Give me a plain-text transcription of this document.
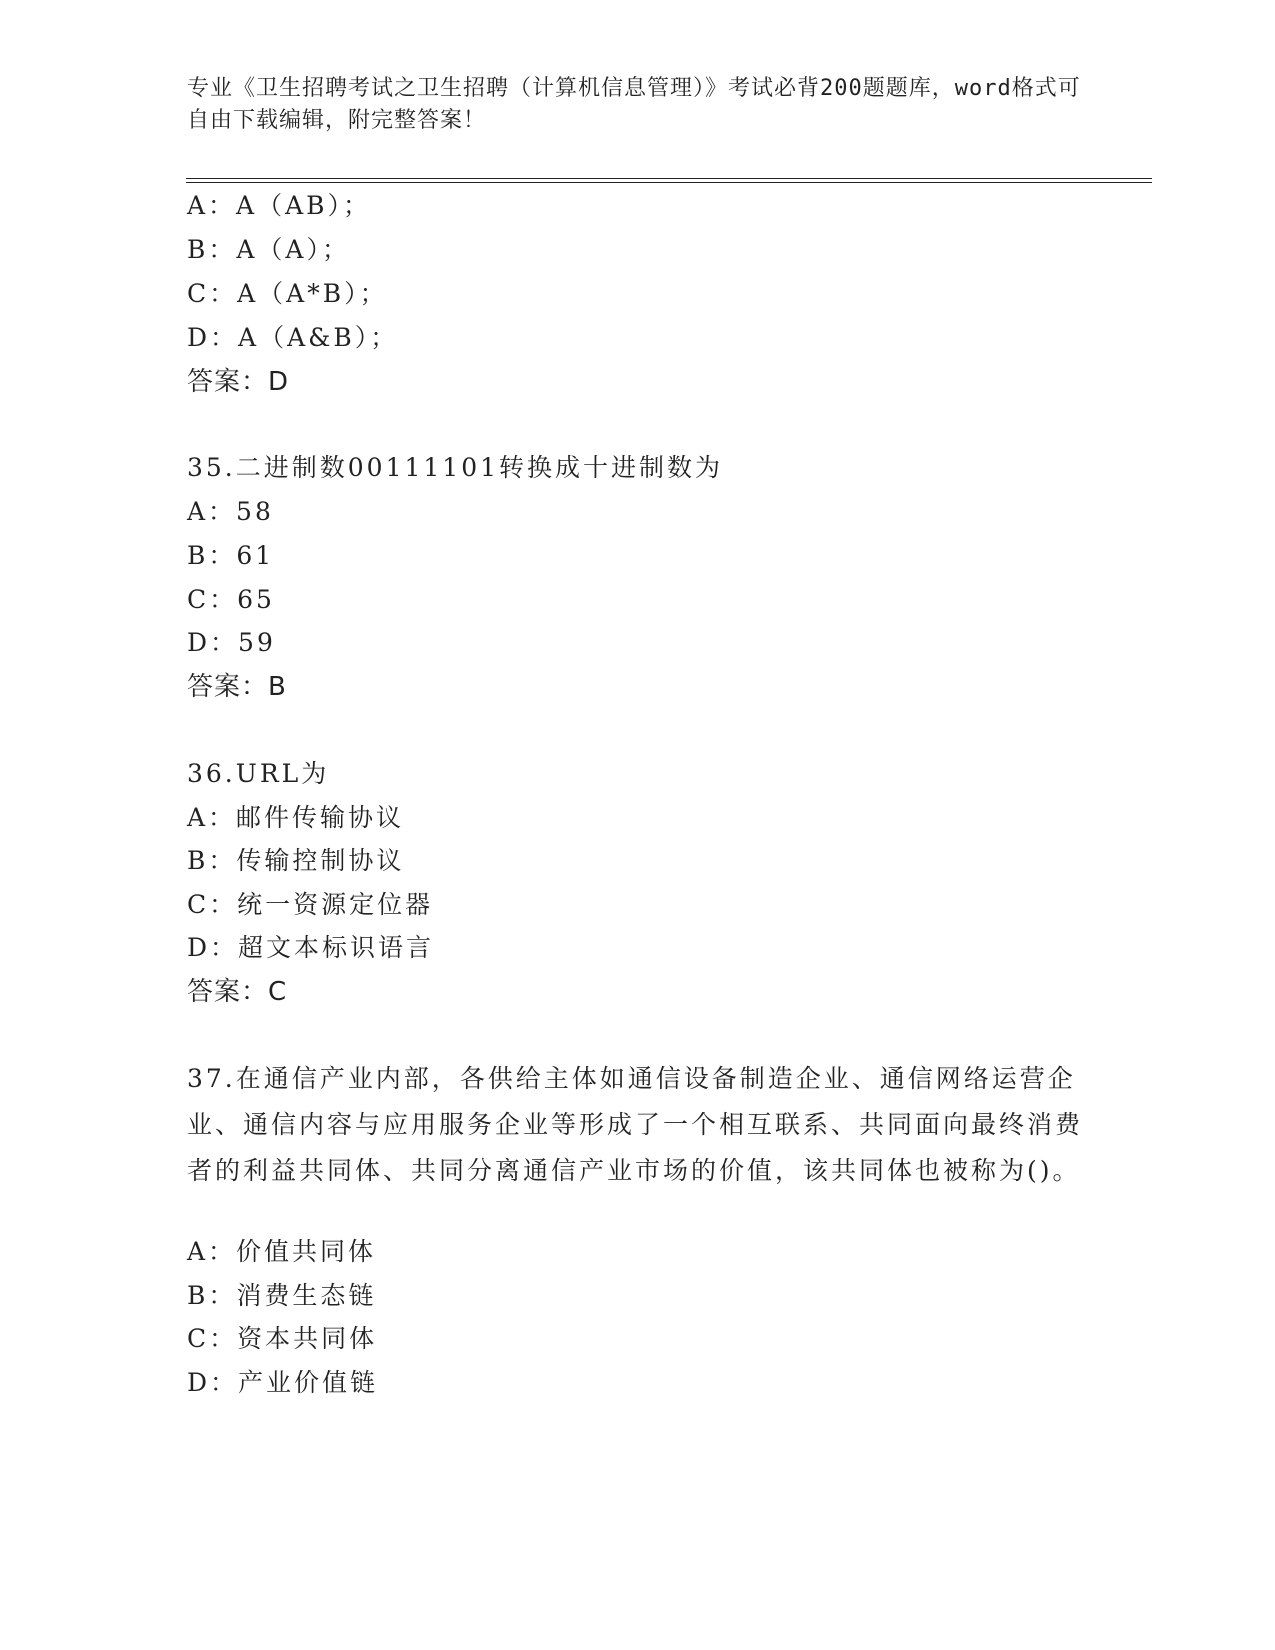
专业《卫生招聘考试之卫生招聘（计算机信息管理）》考试必背200题题库，word格式可自由下载编辑，附完整答案！
A：A（AB）；
B：A（A）；
C：A（A*B）；
D：A（A&B）；
答案：D
35.二进制数00111101转换成十进制数为
A：58
B：61
C：65
D：59
答案：B
36.URL为
A：邮件传输协议
B：传输控制协议
C：统一资源定位器
D：超文本标识语言
答案：C
37.在通信产业内部，各供给主体如通信设备制造企业、通信网络运营企业、通信内容与应用服务企业等形成了一个相互联系、共同面向最终消费者的利益共同体、共同分离通信产业市场的价值，该共同体也被称为()。
A：价值共同体
B：消费生态链
C：资本共同体
D：产业价值链
